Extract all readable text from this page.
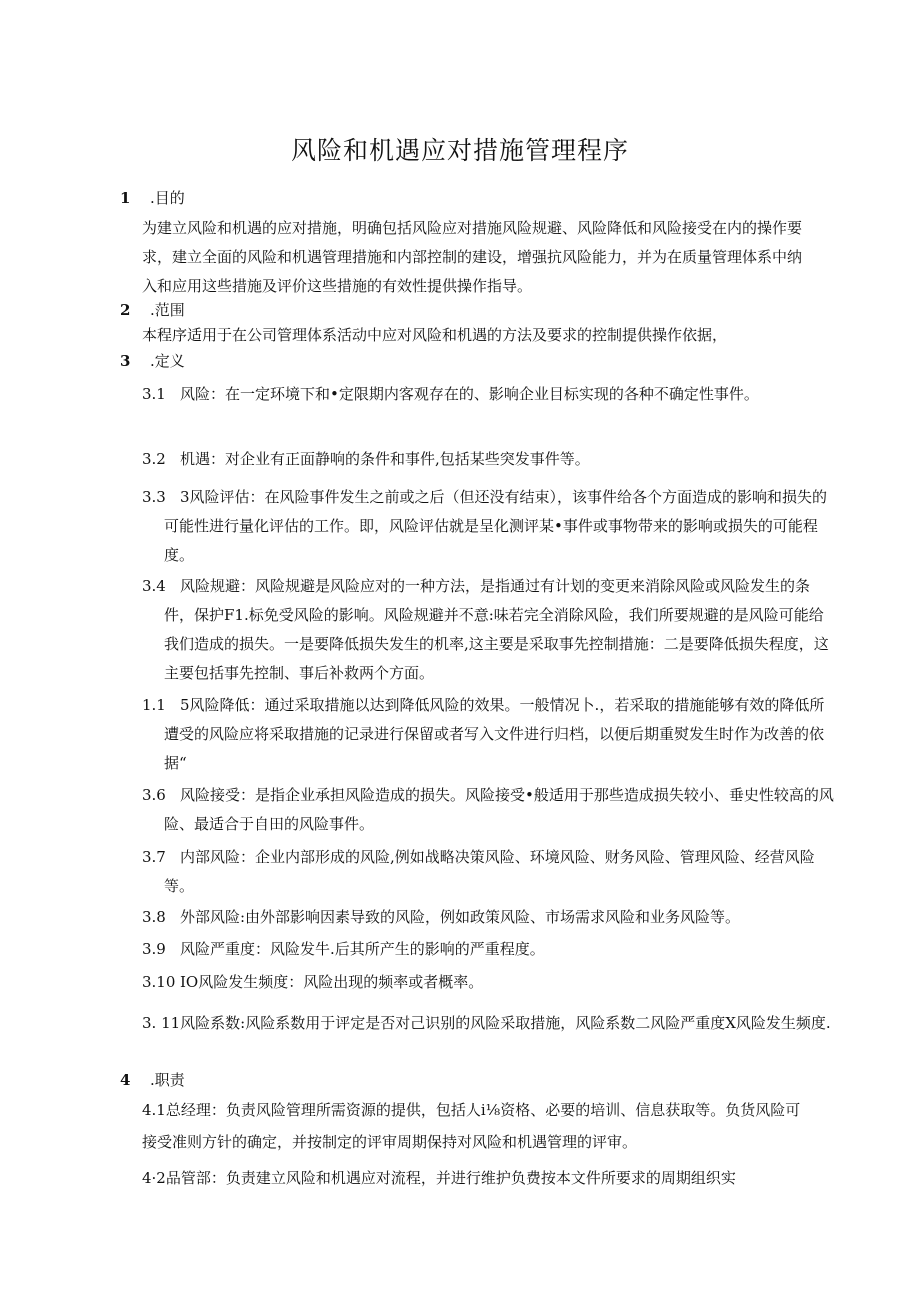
风险和机遇应对措施管理程序
1 .目的

为建立风险和机遇的应对措施，明确包括风险应对措施风险规避、风险降低和风险接受在内的操作要求，建立全面的风险和机遇管理措施和内部控制的建设，增强抗风险能力，并为在质量管理体系中纳入和应用这些措施及评价这些措施的有效性提供操作指导。

2 .范围

本程序适用于在公司管理体系活动中应对风险和机遇的方法及要求的控制提供操作依据，

3 .定义
3.1 风险：在一定环境下和•定限期内客观存在的、影响企业目标实现的各种不确定性事件。
3.2 机遇：对企业有正面静响的条件和事件,包括某些突发事件等。
3.3 3风险评估：在风险事件发生之前或之后（但还没有结束），该事件给各个方面造成的影响和损失的可能性进行量化评估的工作。即，风险评估就是呈化测评某•事件或事物带来的影响或损失的可能程度。
3.4 风险规避：风险规避是风险应对的一种方法，是指通过有计划的变更来消除风险或风险发生的条件，保护F1.标免受风险的影响。风险规避并不意:味若完全消除风险，我们所要规避的是风险可能给我们造成的损失。一是要降低损失发生的机率,这主要是采取事先控制措施：二是要降低损失程度，这主要包括事先控制、事后补救两个方面。
1.1 5风险降低：通过采取措施以达到降低风险的效果。一般情况卜.，若采取的措施能够有效的降低所遭受的风险应将采取措施的记录进行保留或者写入文件进行归档，以便后期重熨发生时作为改善的依据“
3.6 风险接受：是指企业承担风险造成的损失。风险接受•般适用于那些造成损失较小、垂史性较高的风险、最适合于自田的风险事件。
3.7 内部风险：企业内部形成的风险,例如战略决策风险、环境风险、财务风险、管理风险、经营风险等。
3.8 外部风险:由外部影响因素导致的风险，例如政策风险、市场需求风险和业务风险等。
3.9 风险严重度：风险发牛.后其所产生的影响的严重程度。
3.10 IO风险发生频度：风险出现的频率或者概率。
3. 11风险系数:风险系数用于评定是否对己识别的风险采取措施，风险系数二风险严重度X风险发生频度.
4 .职责

4.1总经理：负责风险管理所需资源的提供，包括人i⅛资格、必要的培训、信息获取等。负货风险可接受准则方针的确定，并按制定的评审周期保持对风险和机遇管理的评审。

4·2品管部：负责建立风险和机遇应对流程，并进行维护负费按本文件所要求的周期组织实
